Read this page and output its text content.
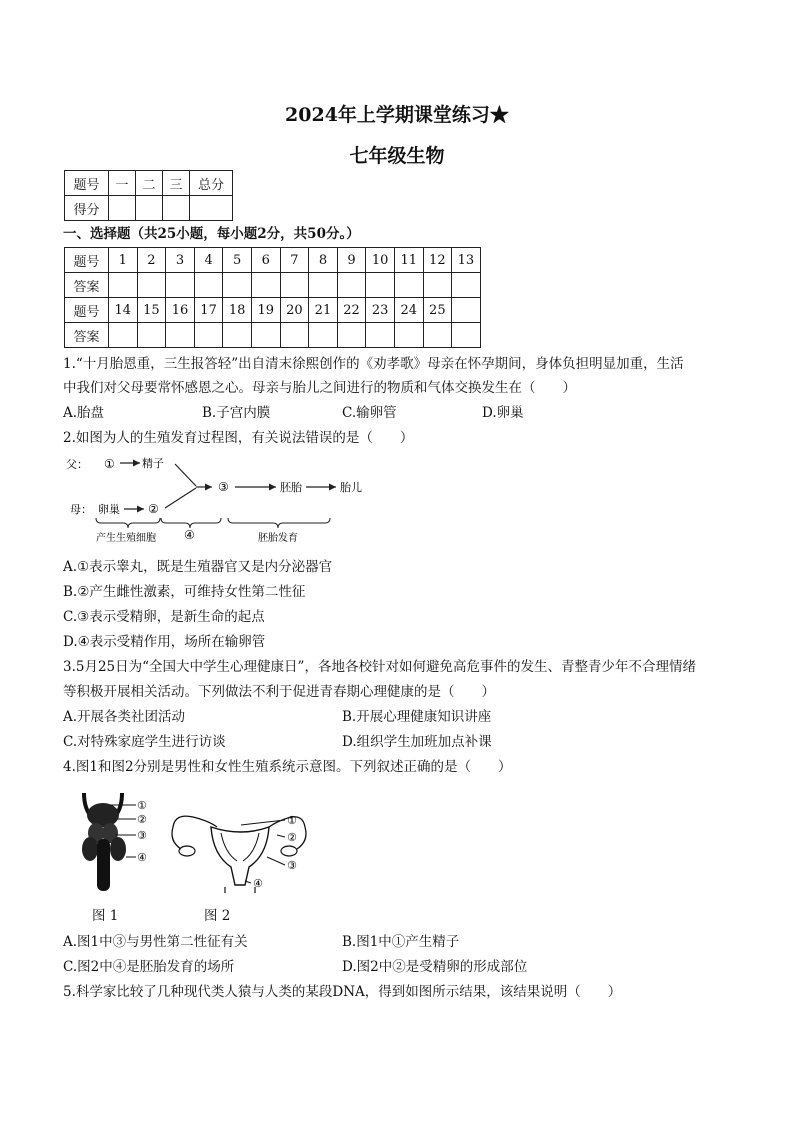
2024年上学期课堂练习★
七年级生物
题号	一	二	三	总分
得分				
一、选择题（共25小题，每小题2分，共50分。）
题号	1	2	3	4	5	6	7	8	9	10	11	12	13
答案													
题号	14	15	16	17	18	19	20	21	22	23	24	25	
答案													
1.“十月胎恩重，三生报答轻”出自清末徐熙创作的《劝孝歌》母亲在怀孕期间，身体负担明显加重，生活
中我们对父母要常怀感恩之心。母亲与胎儿之间进行的物质和气体交换发生在（　　）
A.胎盘	B.子宫内膜	C.输卵管	D.卵巢
2.如图为人的生殖发育过程图，有关说法错误的是（　　）
父：
母：
① 精子
卵巢 ②
③	胚胎	胎儿
产生生殖细胞 ④	胚胎发育
A.①表示睾丸，既是生殖器官又是内分泌器官
B.②产生雌性激素，可维持女性第二性征
C.③表示受精卵，是新生命的起点
D.④表示受精作用，场所在输卵管
3.5月25日为“全国大中学生心理健康日”，各地各校针对如何避免高危事件的发生、青整青少年不合理情绪
等积极开展相关活动。下列做法不利于促进青春期心理健康的是（　　）
A.开展各类社团活动	B.开展心理健康知识讲座
C.对特殊家庭学生进行访谈	D.组织学生加班加点补课
4.图1和图2分别是男性和女性生殖系统示意图。下列叙述正确的是（　　）
①
②
③
④
①
②
③
④
图 1	图 2
A.图1中③与男性第二性征有关	B.图1中①产生精子
C.图2中④是胚胎发育的场所	D.图2中②是受精卵的形成部位
5.科学家比较了几种现代类人猿与人类的某段DNA，得到如图所示结果，该结果说明（　　）
